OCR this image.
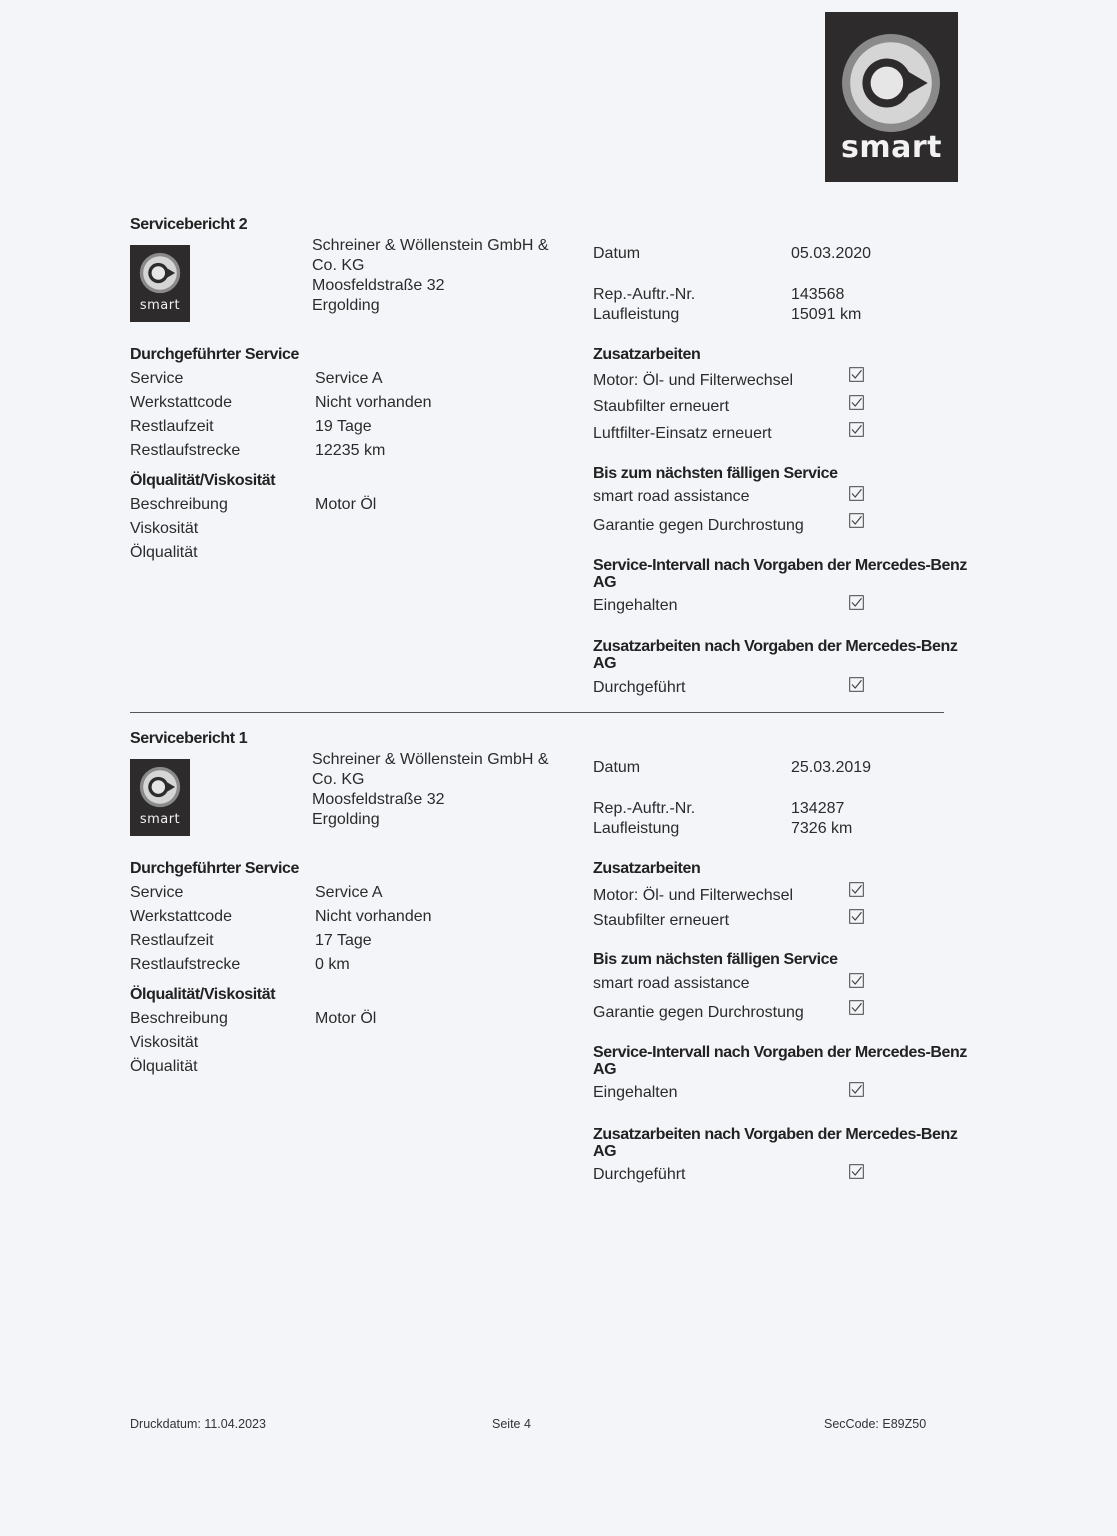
smart
Servicebericht 2
smart
Schreiner & Wöllenstein GmbH & Co. KG
Moosfeldstraße 32
Ergolding
Datum	05.03.2020
Rep.-Auftr.-Nr.	143568
Laufleistung	15091 km
Durchgeführter Service
Service	Service A
Werkstattcode	Nicht vorhanden
Restlaufzeit	19 Tage
Restlaufstrecke	12235 km
Ölqualität/Viskosität
Beschreibung	Motor Öl
Viskosität
Ölqualität
Zusatzarbeiten
Motor: Öl- und Filterwechsel
Staubfilter erneuert
Luftfilter-Einsatz erneuert
Bis zum nächsten fälligen Service
smart road assistance
Garantie gegen Durchrostung
Service-Intervall nach Vorgaben der Mercedes-Benz AG
Eingehalten
Zusatzarbeiten nach Vorgaben der Mercedes-Benz AG
Durchgeführt
Servicebericht 1
smart
Schreiner & Wöllenstein GmbH & Co. KG
Moosfeldstraße 32
Ergolding
Datum	25.03.2019
Rep.-Auftr.-Nr.	134287
Laufleistung	7326 km
Durchgeführter Service
Service	Service A
Werkstattcode	Nicht vorhanden
Restlaufzeit	17 Tage
Restlaufstrecke	0 km
Ölqualität/Viskosität
Beschreibung	Motor Öl
Viskosität
Ölqualität
Zusatzarbeiten
Motor: Öl- und Filterwechsel
Staubfilter erneuert
Bis zum nächsten fälligen Service
smart road assistance
Garantie gegen Durchrostung
Service-Intervall nach Vorgaben der Mercedes-Benz AG
Eingehalten
Zusatzarbeiten nach Vorgaben der Mercedes-Benz AG
Durchgeführt
Druckdatum: 11.04.2023	Seite 4	SecCode: E89Z50
